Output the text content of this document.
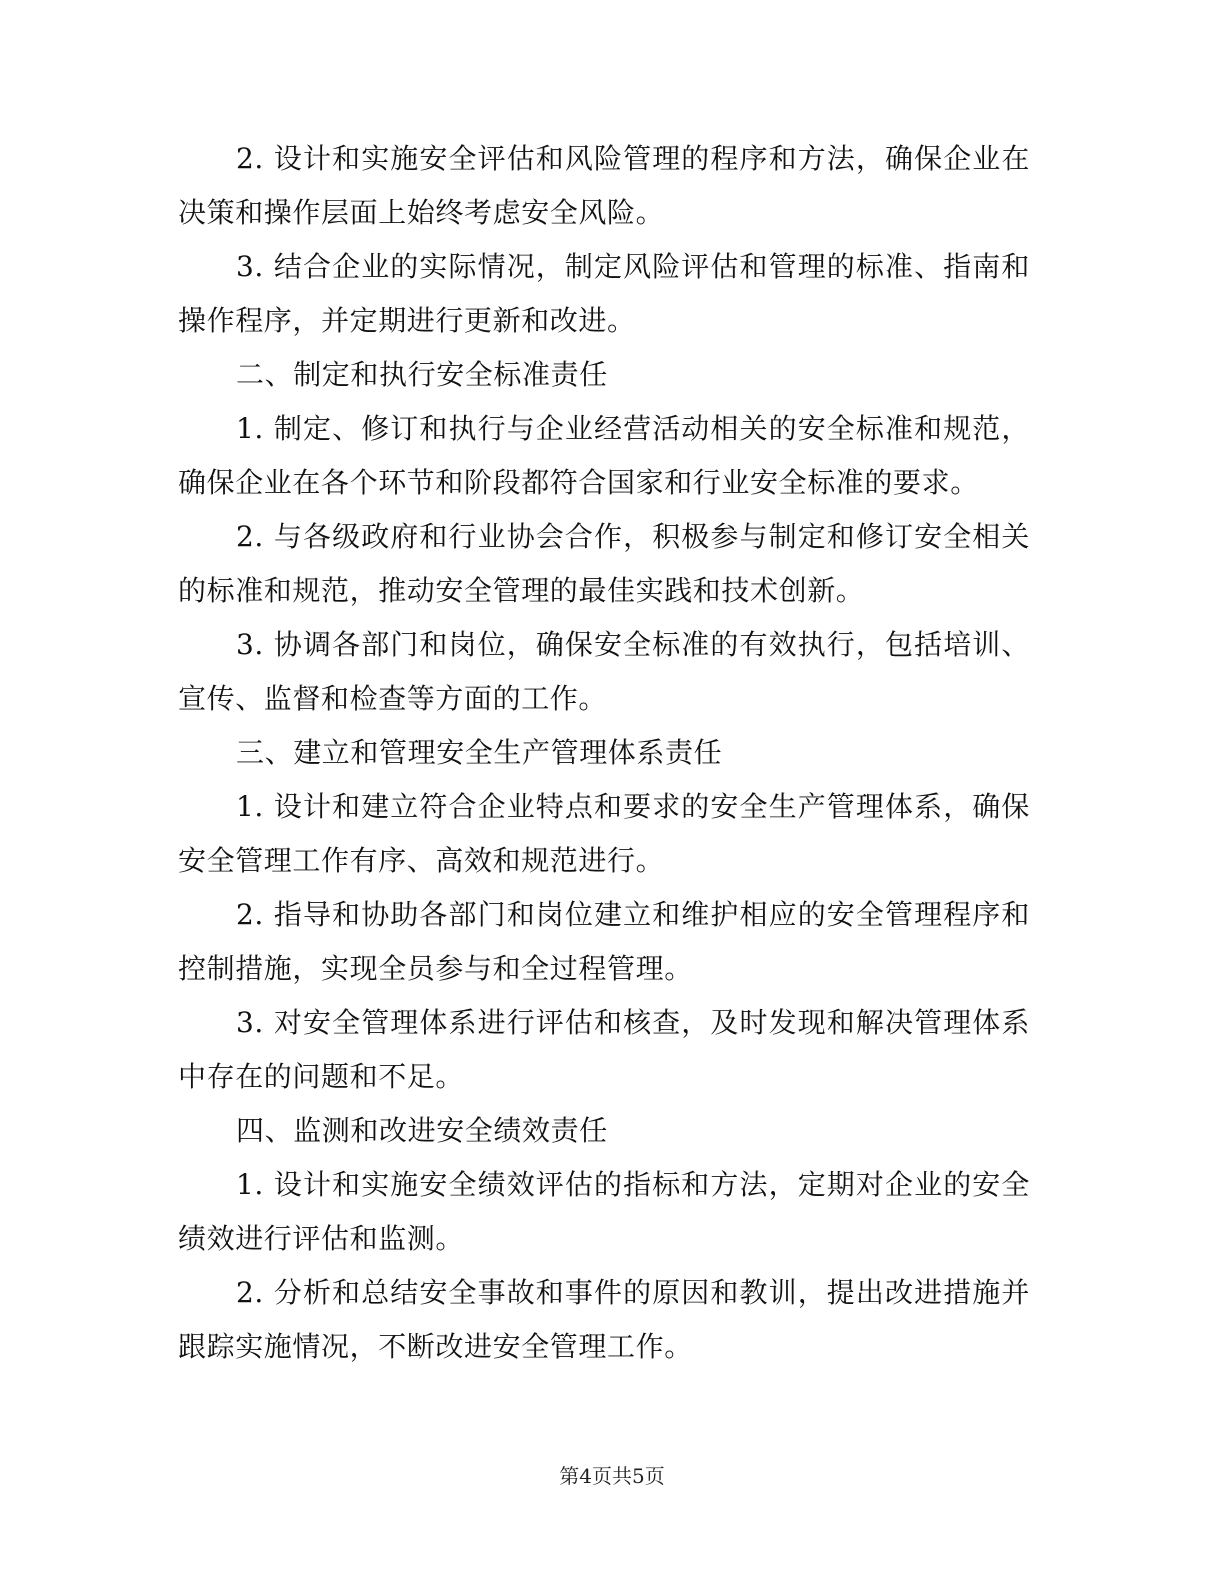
2. 设计和实施安全评估和风险管理的程序和方法，确保企业在决策和操作层面上始终考虑安全风险。

3. 结合企业的实际情况，制定风险评估和管理的标准、指南和操作程序，并定期进行更新和改进。

二、制定和执行安全标准责任

1. 制定、修订和执行与企业经营活动相关的安全标准和规范，确保企业在各个环节和阶段都符合国家和行业安全标准的要求。

2. 与各级政府和行业协会合作，积极参与制定和修订安全相关的标准和规范，推动安全管理的最佳实践和技术创新。

3. 协调各部门和岗位，确保安全标准的有效执行，包括培训、宣传、监督和检查等方面的工作。

三、建立和管理安全生产管理体系责任

1. 设计和建立符合企业特点和要求的安全生产管理体系，确保安全管理工作有序、高效和规范进行。

2. 指导和协助各部门和岗位建立和维护相应的安全管理程序和控制措施，实现全员参与和全过程管理。

3. 对安全管理体系进行评估和核查，及时发现和解决管理体系中存在的问题和不足。

四、监测和改进安全绩效责任

1. 设计和实施安全绩效评估的指标和方法，定期对企业的安全绩效进行评估和监测。

2. 分析和总结安全事故和事件的原因和教训，提出改进措施并跟踪实施情况，不断改进安全管理工作。

第4页共5页
